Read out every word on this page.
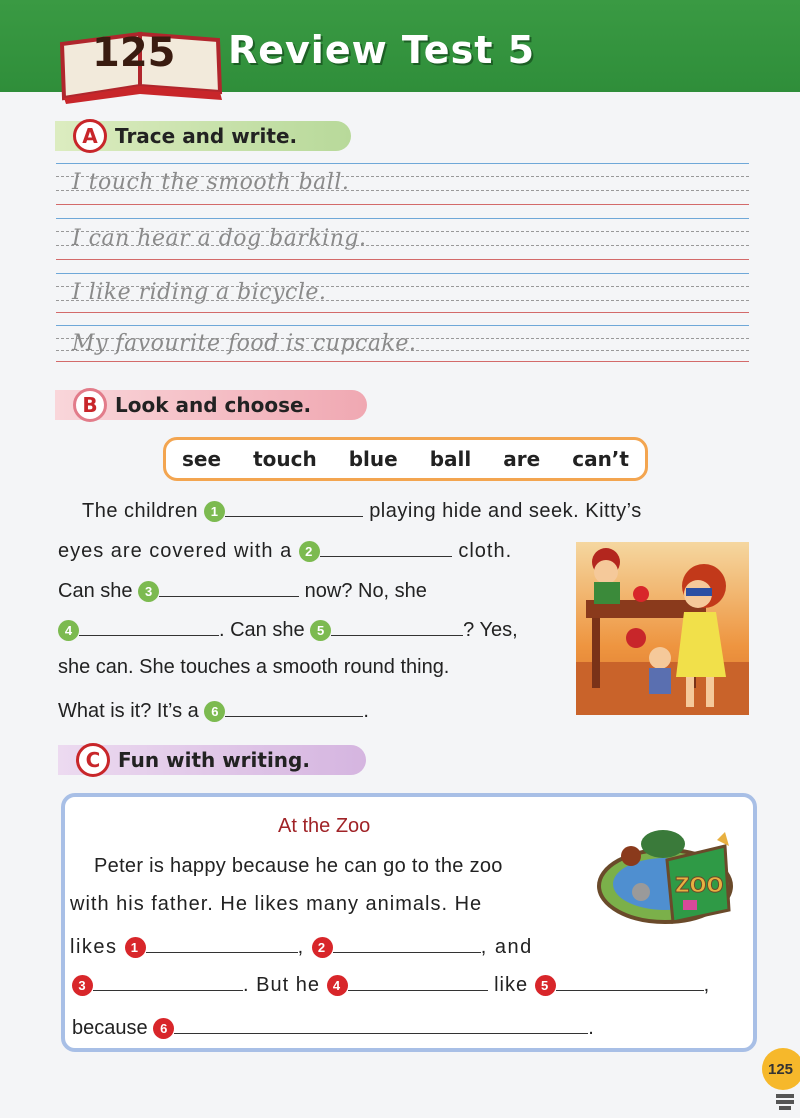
125 Review Test 5
A Trace and write.
I touch the smooth ball.
I can hear a dog barking.
I like riding a bicycle.
My favourite food is cupcake.
B Look and choose.
see touch blue ball are can’t
The children 1	playing hide and seek. Kitty’s
eyes are covered with a 2	cloth.
Can she 3	now? No, she
4	. Can she 5	? Yes,
she can. She touches a smooth round thing.
What is it? It’s a 6	.
C Fun with writing.
At the Zoo
Peter is happy because he can go to the zoo
with his father. He likes many animals. He
likes 1	, 2	, and
3	. But he 4	like 5	,
because 6	.
ZOO
125
